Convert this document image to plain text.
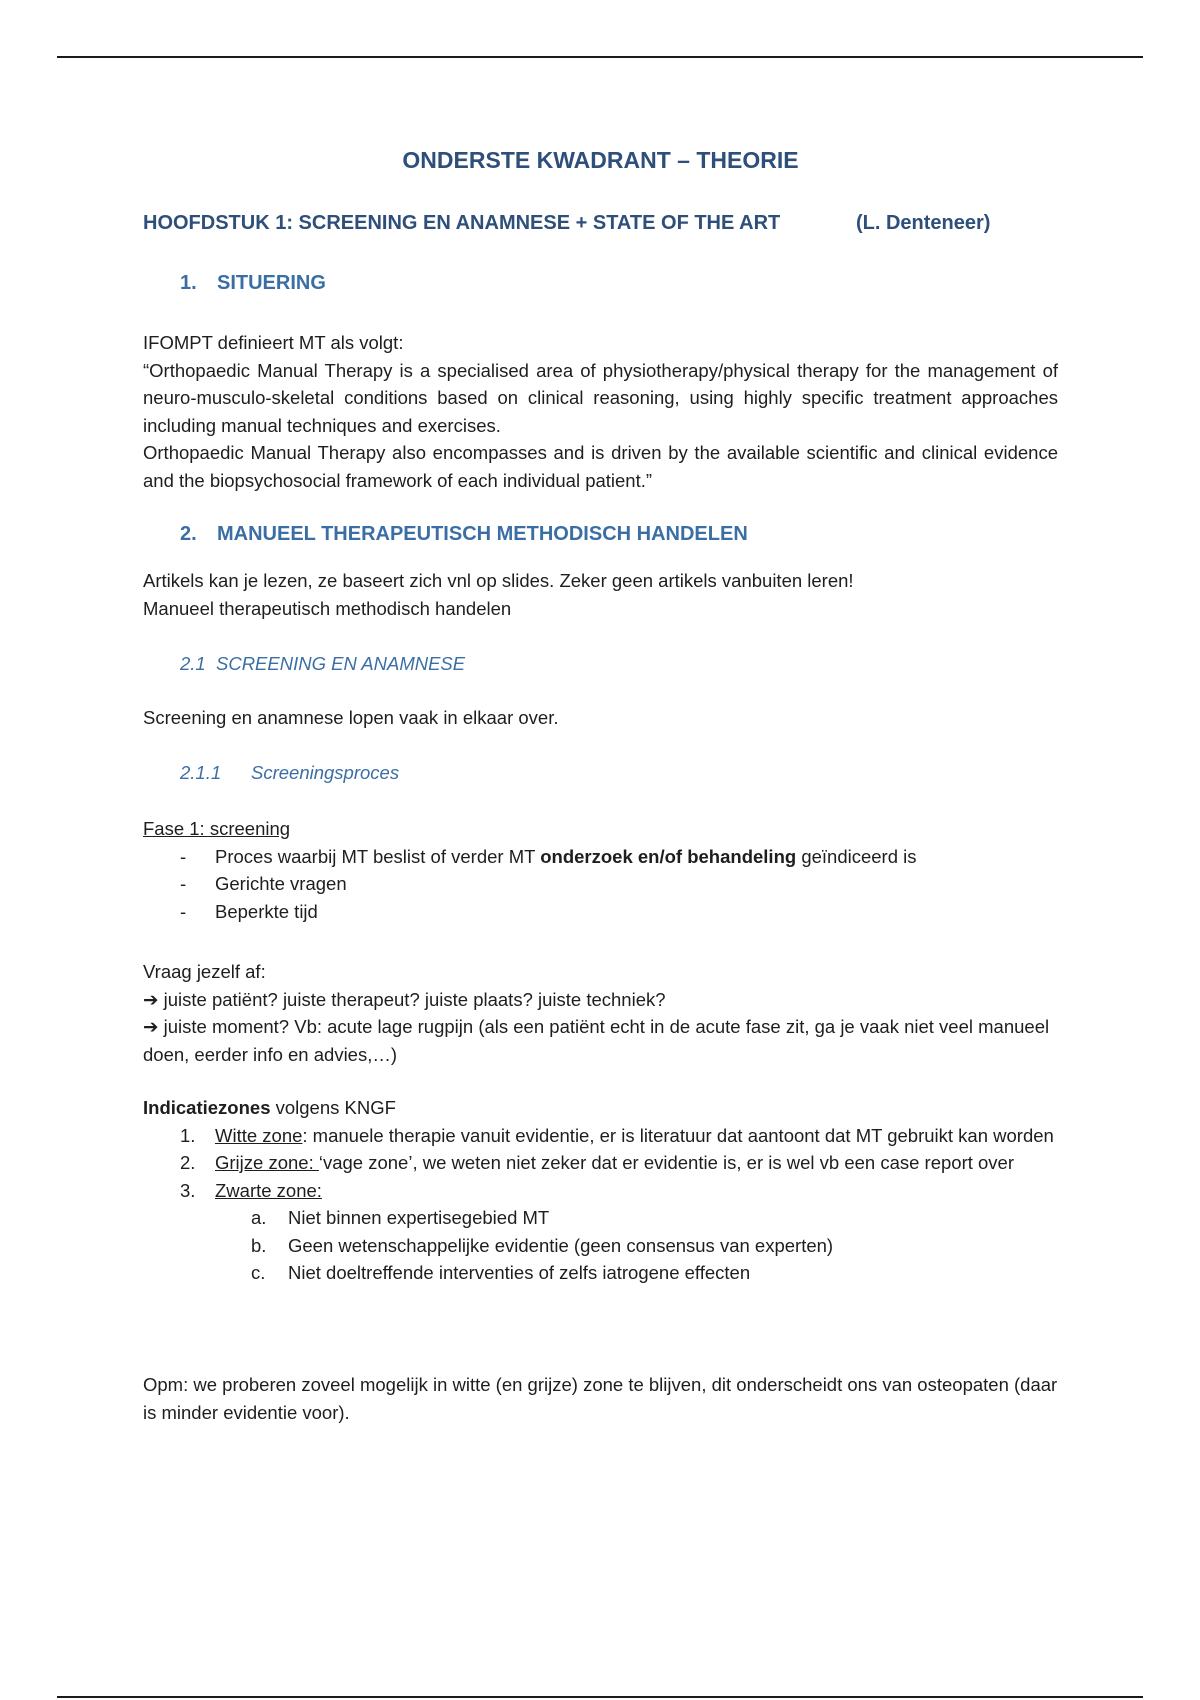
ONDERSTE KWADRANT – THEORIE
HOOFDSTUK 1: SCREENING EN ANAMNESE + STATE OF THE ART	(L. Denteneer)
1. SITUERING

IFOMPT definieert MT als volgt:

“Orthopaedic Manual Therapy is a specialised area of physiotherapy/physical therapy for the management of neuro-musculo-skeletal conditions based on clinical reasoning, using highly specific treatment approaches including manual techniques and exercises.

Orthopaedic Manual Therapy also encompasses and is driven by the available scientific and clinical evidence and the biopsychosocial framework of each individual patient.”

2. MANUEEL THERAPEUTISCH METHODISCH HANDELEN

Artikels kan je lezen, ze baseert zich vnl op slides. Zeker geen artikels vanbuiten leren!

Manueel therapeutisch methodisch handelen

2.1 SCREENING EN ANAMNESE

Screening en anamnese lopen vaak in elkaar over.

2.1.1 Screeningsproces

Fase 1: screening

- Proces waarbij MT beslist of verder MT onderzoek en/of behandeling geïndiceerd is
- Gerichte vragen
- Beperkte tijd

Vraag jezelf af:

➔ juiste patiënt? juiste therapeut? juiste plaats? juiste techniek?

➔ juiste moment? Vb: acute lage rugpijn (als een patiënt echt in de acute fase zit, ga je vaak niet veel manueel doen, eerder info en advies,…)

Indicatiezones volgens KNGF

1. Witte zone: manuele therapie vanuit evidentie, er is literatuur dat aantoont dat MT gebruikt kan worden
2. Grijze zone: ‘vage zone’, we weten niet zeker dat er evidentie is, er is wel vb een case report over
3. Zwarte zone:
a. Niet binnen expertisegebied MT
b. Geen wetenschappelijke evidentie (geen consensus van experten)
c. Niet doeltreffende interventies of zelfs iatrogene effecten

Opm: we proberen zoveel mogelijk in witte (en grijze) zone te blijven, dit onderscheidt ons van osteopaten (daar is minder evidentie voor).
